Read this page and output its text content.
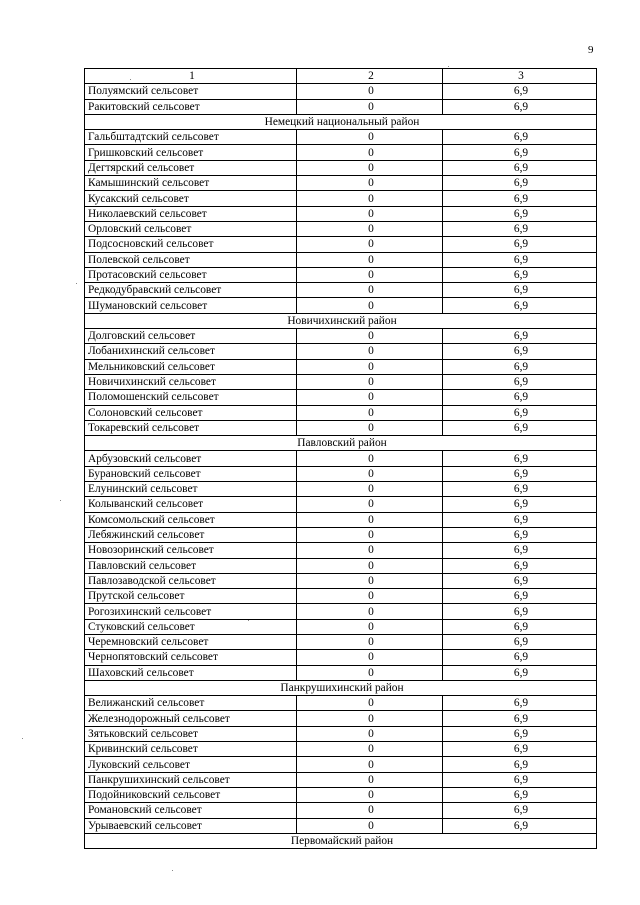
9
1	2	3
Полуямский сельсовет	0	6,9
Ракитовский сельсовет	0	6,9
Немецкий национальный район		
Гальбштадтский сельсовет	0	6,9
Гришковский сельсовет	0	6,9
Дегтярский сельсовет	0	6,9
Камышинский сельсовет	0	6,9
Кусакский сельсовет	0	6,9
Николаевский сельсовет	0	6,9
Орловский сельсовет	0	6,9
Подсосновский сельсовет	0	6,9
Полевской сельсовет	0	6,9
Протасовский сельсовет	0	6,9
Редкодубравский сельсовет	0	6,9
Шумановский сельсовет	0	6,9
Новичихинский район		
Долговский сельсовет	0	6,9
Лобанихинский сельсовет	0	6,9
Мельниковский сельсовет	0	6,9
Новичихинский сельсовет	0	6,9
Поломошенский сельсовет	0	6,9
Солоновский сельсовет	0	6,9
Токаревский сельсовет	0	6,9
Павловский район		
Арбузовский сельсовет	0	6,9
Бурановский сельсовет	0	6,9
Елунинский сельсовет	0	6,9
Колыванский сельсовет	0	6,9
Комсомольский сельсовет	0	6,9
Лебяжинский сельсовет	0	6,9
Новозоринский сельсовет	0	6,9
Павловский сельсовет	0	6,9
Павлозаводской сельсовет	0	6,9
Прутской сельсовет	0	6,9
Рогозихинский сельсовет	0	6,9
Стуковский сельсовет	0	6,9
Черемновский сельсовет	0	6,9
Чернопятовский сельсовет	0	6,9
Шаховский сельсовет	0	6,9
Панкрушихинский район		
Велижанский сельсовет	0	6,9
Железнодорожный сельсовет	0	6,9
Зятьковский сельсовет	0	6,9
Кривинский сельсовет	0	6,9
Луковский сельсовет	0	6,9
Панкрушихинский сельсовет	0	6,9
Подойниковский сельсовет	0	6,9
Романовский сельсовет	0	6,9
Урываевский сельсовет	0	6,9
Первомайский район		
